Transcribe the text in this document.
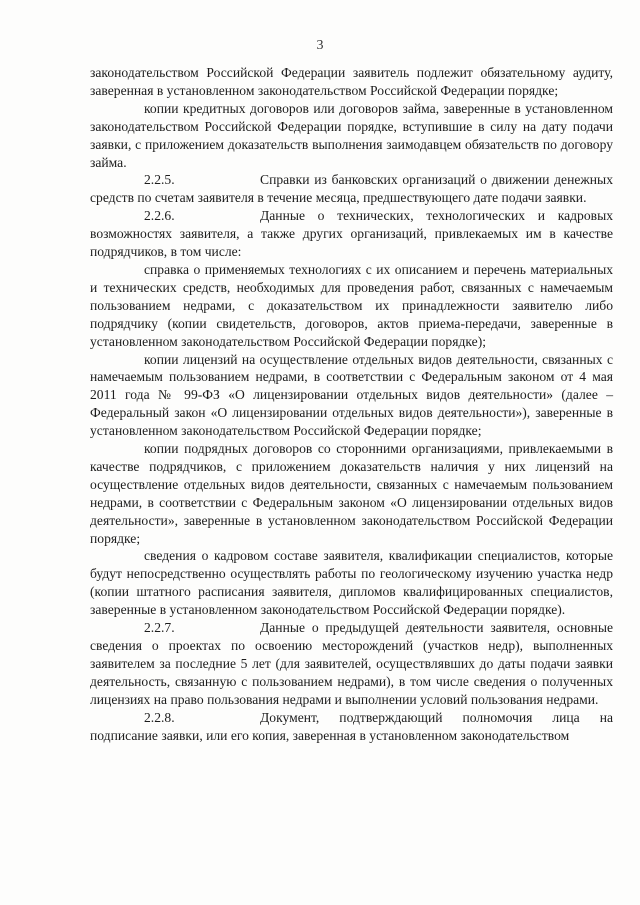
3

законодательством Российской Федерации заявитель подлежит обязательному аудиту, заверенная в установленном законодательством Российской Федерации порядке;

копии кредитных договоров или договоров займа, заверенные в установленном законодательством Российской Федерации порядке, вступившие в силу на дату подачи заявки, с приложением доказательств выполнения заимодавцем обязательств по договору займа.

2.2.5.	Справки из банковских организаций о движении денежных средств по счетам заявителя в течение месяца, предшествующего дате подачи заявки.

2.2.6.	Данные о технических, технологических и кадровых возможностях заявителя, а также других организаций, привлекаемых им в качестве подрядчиков, в том числе:

справка о применяемых технологиях с их описанием и перечень материальных и технических средств, необходимых для проведения работ, связанных с намечаемым пользованием недрами, с доказательством их принадлежности заявителю либо подрядчику (копии свидетельств, договоров, актов приема-передачи, заверенные в установленном законодательством Российской Федерации порядке);

копии лицензий на осуществление отдельных видов деятельности, связанных с намечаемым пользованием недрами, в соответствии с Федеральным законом от 4 мая 2011 года № 99-ФЗ «О лицензировании отдельных видов деятельности» (далее – Федеральный закон «О лицензировании отдельных видов деятельности»), заверенные в установленном законодательством Российской Федерации порядке;

копии подрядных договоров со сторонними организациями, привлекаемыми в качестве подрядчиков, с приложением доказательств наличия у них лицензий на осуществление отдельных видов деятельности, связанных с намечаемым пользованием недрами, в соответствии с Федеральным законом «О лицензировании отдельных видов деятельности», заверенные в установленном законодательством Российской Федерации порядке;

сведения о кадровом составе заявителя, квалификации специалистов, которые будут непосредственно осуществлять работы по геологическому изучению участка недр (копии штатного расписания заявителя, дипломов квалифицированных специалистов, заверенные в установленном законодательством Российской Федерации порядке).

2.2.7.	Данные о предыдущей деятельности заявителя, основные сведения о проектах по освоению месторождений (участков недр), выполненных заявителем за последние 5 лет (для заявителей, осуществлявших до даты подачи заявки деятельность, связанную с пользованием недрами), в том числе сведения о полученных лицензиях на право пользования недрами и выполнении условий пользования недрами.

2.2.8.	Документ, подтверждающий полномочия лица на подписание заявки, или его копия, заверенная в установленном законодательством
